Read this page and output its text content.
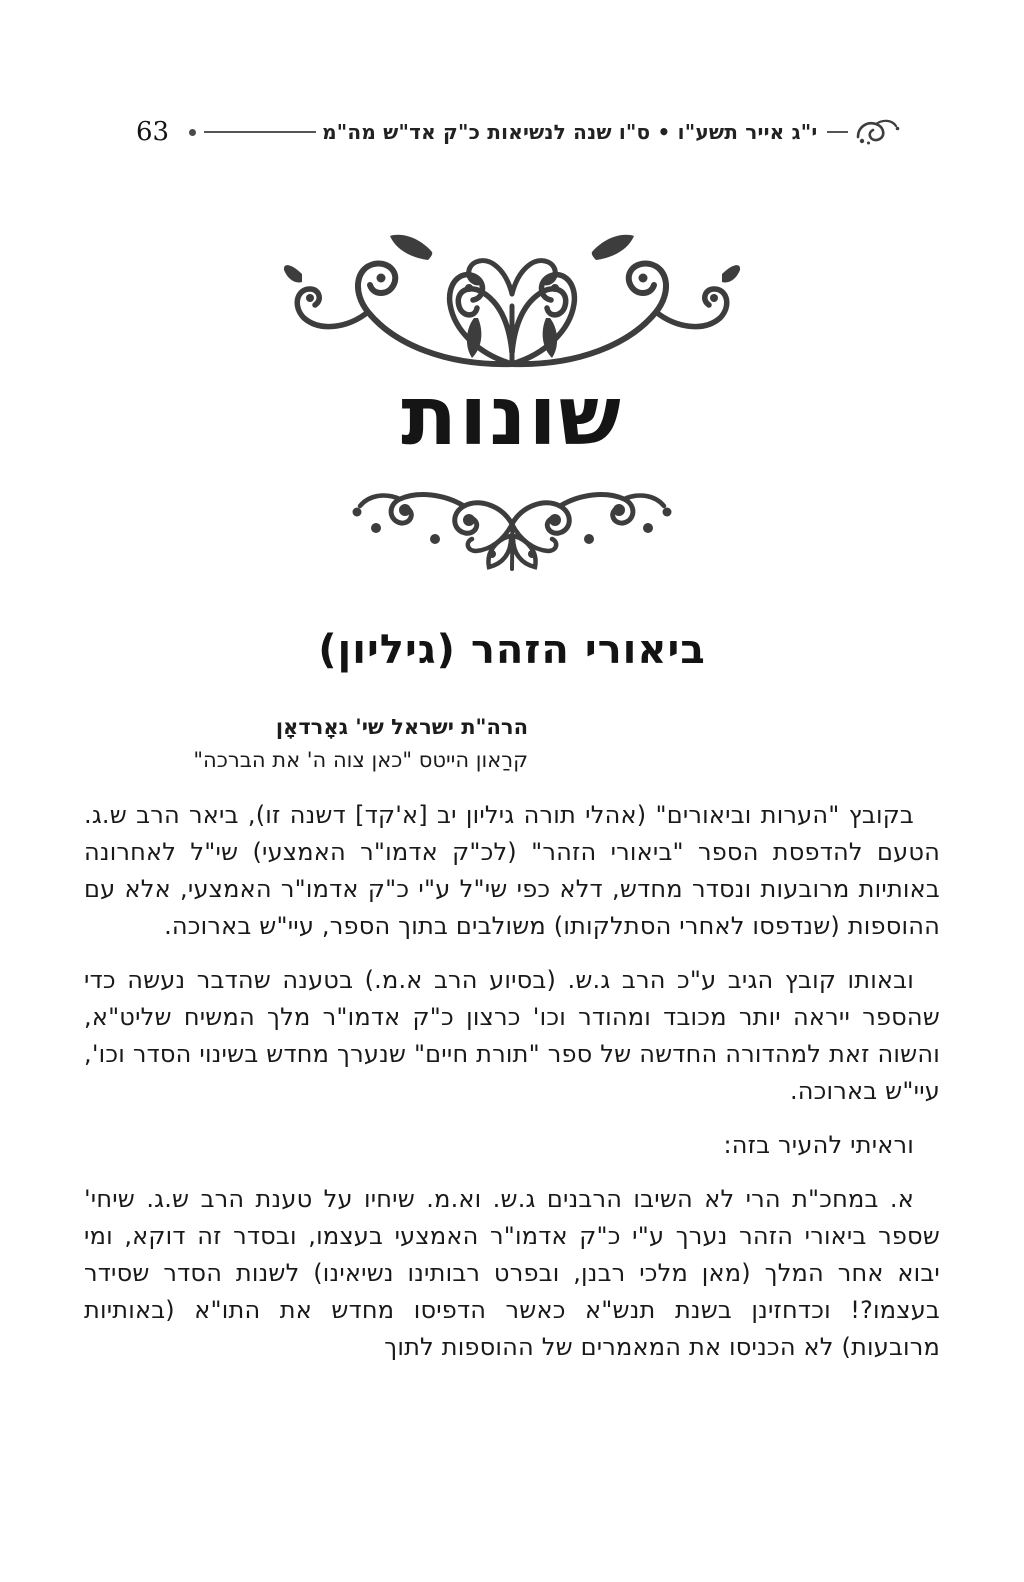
63	י"ג אייר תשע"ו • ס"ו שנה לנשיאות כ"ק אד"ש מה"מ
שונות
ביאורי הזהר (גיליון)
הרה"ת ישראל שי' גאָרדאָן
קרַאון הייטס "כאן צוה ה' את הברכה"

בקובץ "הערות וביאורים" (אהלי תורה גיליון יב [א'קד] דשנה זו), ביאר הרב ש.ג. הטעם להדפסת הספר "ביאורי הזהר" (לכ"ק אדמו"ר האמצעי) שי"ל לאחרונה באותיות מרובעות ונסדר מחדש, דלא כפי שי"ל ע"י כ"ק אדמו"ר האמצעי, אלא עם ההוספות (שנדפסו לאחרי הסתלקותו) משולבים בתוך הספר, עיי"ש בארוכה.

ובאותו קובץ הגיב ע"כ הרב ג.ש. (בסיוע הרב א.מ.) בטענה שהדבר נעשה כדי שהספר ייראה יותר מכובד ומהודר וכו' כרצון כ"ק אדמו"ר מלך המשיח שליט"א, והשוה זאת למהדורה החדשה של ספר "תורת חיים" שנערך מחדש בשינוי הסדר וכו', עיי"ש בארוכה.

וראיתי להעיר בזה:

א. במחכ"ת הרי לא השיבו הרבנים ג.ש. וא.מ. שיחיו על טענת הרב ש.ג. שיחי' שספר ביאורי הזהר נערך ע"י כ"ק אדמו"ר האמצעי בעצמו, ובסדר זה דוקא, ומי יבוא אחר המלך (מאן מלכי רבנן, ובפרט רבותינו נשיאינו) לשנות הסדר שסידר בעצמו?! וכדחזינן בשנת תנש"א כאשר הדפיסו מחדש את התו"א (באותיות מרובעות) לא הכניסו את המאמרים של ההוספות לתוך
